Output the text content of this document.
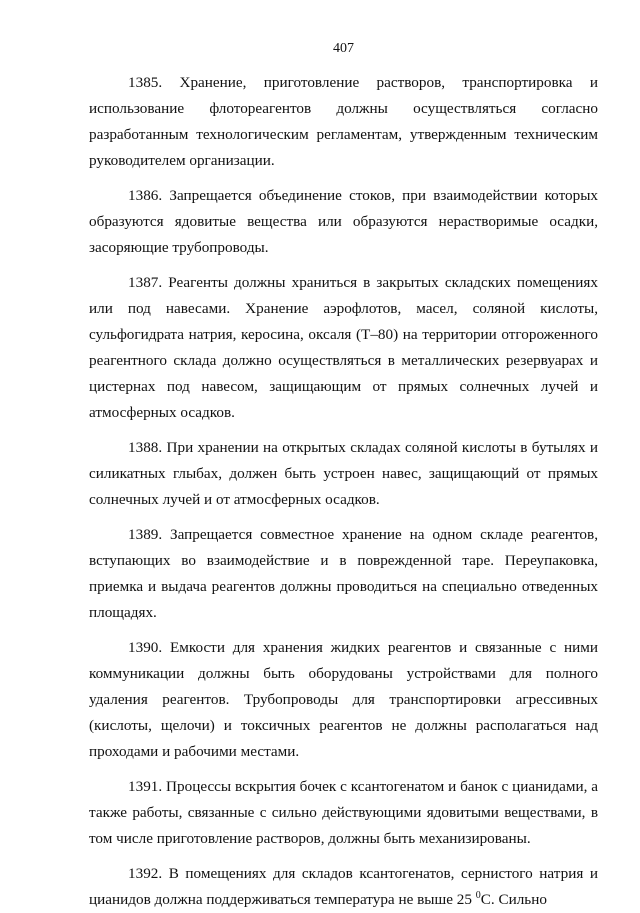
407

1385. Хранение, приготовление растворов, транспортировка и использование флотореагентов должны осуществляться согласно разработанным технологическим регламентам, утвержденным техническим руководителем организации.

1386. Запрещается объединение стоков, при взаимодействии которых образуются ядовитые вещества или образуются нерастворимые осадки, засоряющие трубопроводы.

1387. Реагенты должны храниться в закрытых складских помещениях или под навесами. Хранение аэрофлотов, масел, соляной кислоты, сульфогидрата натрия, керосина, оксаля (Т–80) на территории отгороженного реагентного склада должно осуществляться в металлических резервуарах и цистернах под навесом, защищающим от прямых солнечных лучей и атмосферных осадков.

1388. При хранении на открытых складах соляной кислоты в бутылях и силикатных глыбах, должен быть устроен навес, защищающий от прямых солнечных лучей и от атмосферных осадков.

1389. Запрещается совместное хранение на одном складе реагентов, вступающих во взаимодействие и в поврежденной таре. Переупаковка, приемка и выдача реагентов должны проводиться на специально отведенных площадях.

1390. Емкости для хранения жидких реагентов и связанные с ними коммуникации должны быть оборудованы устройствами для полного удаления реагентов. Трубопроводы для транспортировки агрессивных (кислоты, щелочи) и токсичных реагентов не должны располагаться над проходами и рабочими местами.

1391. Процессы вскрытия бочек с ксантогенатом и банок с цианидами, а также работы, связанные с сильно действующими ядовитыми веществами, в том числе приготовление растворов, должны быть механизированы.

1392. В помещениях для складов ксантогенатов, сернистого натрия и цианидов должна поддерживаться температура не выше 25 $^0$С. Сильно
